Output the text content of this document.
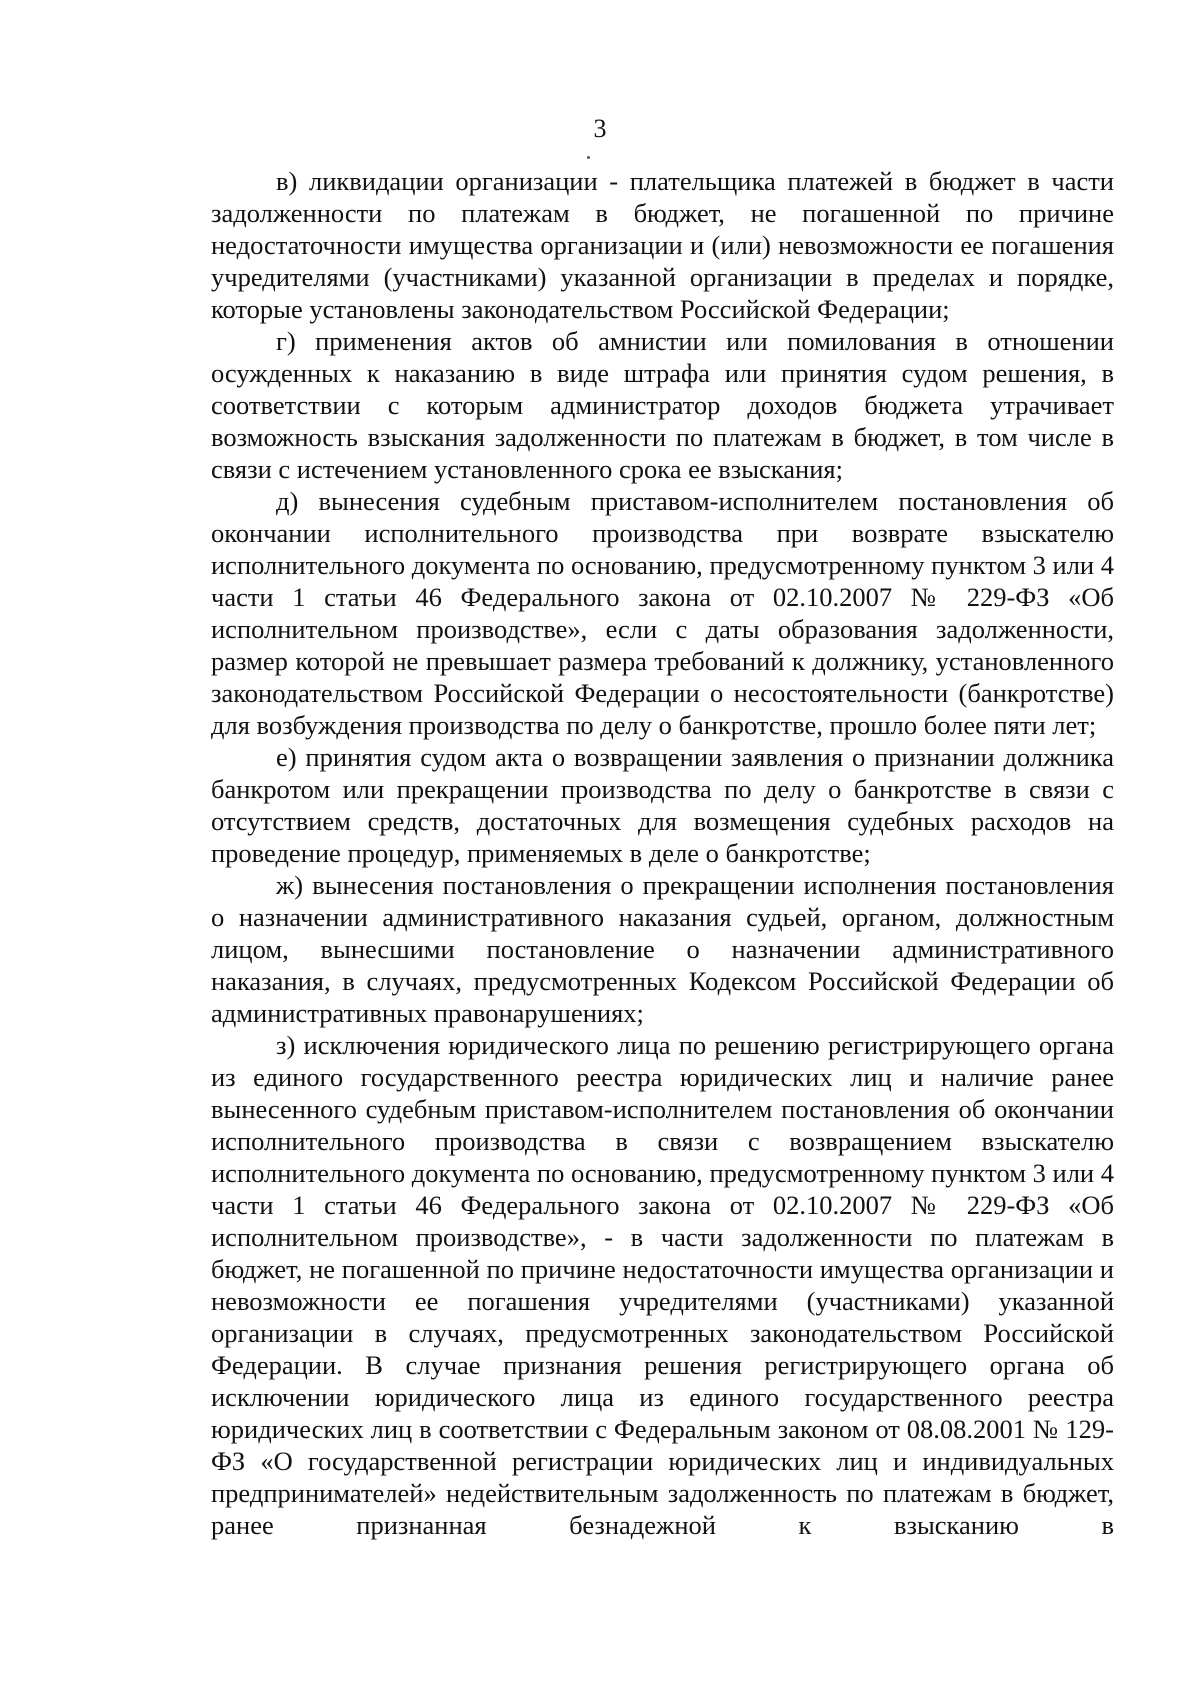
3

в) ликвидации организации - плательщика платежей в бюджет в части задолженности по платежам в бюджет, не погашенной по причине недостаточности имущества организации и (или) невозможности ее погашения учредителями (участниками) указанной организации в пределах и порядке, которые установлены законодательством Российской Федерации;

г) применения актов об амнистии или помилования в отношении осужденных к наказанию в виде штрафа или принятия судом решения, в соответствии с которым администратор доходов бюджета утрачивает возможность взыскания задолженности по платежам в бюджет, в том числе в связи с истечением установленного срока ее взыскания;

д) вынесения судебным приставом-исполнителем постановления об окончании исполнительного производства при возврате взыскателю исполнительного документа по основанию, предусмотренному пунктом 3 или 4 части 1 статьи 46 Федерального закона от 02.10.2007 № 229-ФЗ «Об исполнительном производстве», если с даты образования задолженности, размер которой не превышает размера требований к должнику, установленного законодательством Российской Федерации о несостоятельности (банкротстве) для возбуждения производства по делу о банкротстве, прошло более пяти лет;

е) принятия судом акта о возвращении заявления о признании должника банкротом или прекращении производства по делу о банкротстве в связи с отсутствием средств, достаточных для возмещения судебных расходов на проведение процедур, применяемых в деле о банкротстве;

ж) вынесения постановления о прекращении исполнения постановления о назначении административного наказания судьей, органом, должностным лицом, вынесшими постановление о назначении административного наказания, в случаях, предусмотренных Кодексом Российской Федерации об административных правонарушениях;

з) исключения юридического лица по решению регистрирующего органа из единого государственного реестра юридических лиц и наличие ранее вынесенного судебным приставом-исполнителем постановления об окончании исполнительного производства в связи с возвращением взыскателю исполнительного документа по основанию, предусмотренному пунктом 3 или 4 части 1 статьи 46 Федерального закона от 02.10.2007 № 229-ФЗ «Об исполнительном производстве», - в части задолженности по платежам в бюджет, не погашенной по причине недостаточности имущества организации и невозможности ее погашения учредителями (участниками) указанной организации в случаях, предусмотренных законодательством Российской Федерации. В случае признания решения регистрирующего органа об исключении юридического лица из единого государственного реестра юридических лиц в соответствии с Федеральным законом от 08.08.2001 № 129-ФЗ «О государственной регистрации юридических лиц и индивидуальных предпринимателей» недействительным задолженность по платежам в бюджет, ранее признанная безнадежной к взысканию в
